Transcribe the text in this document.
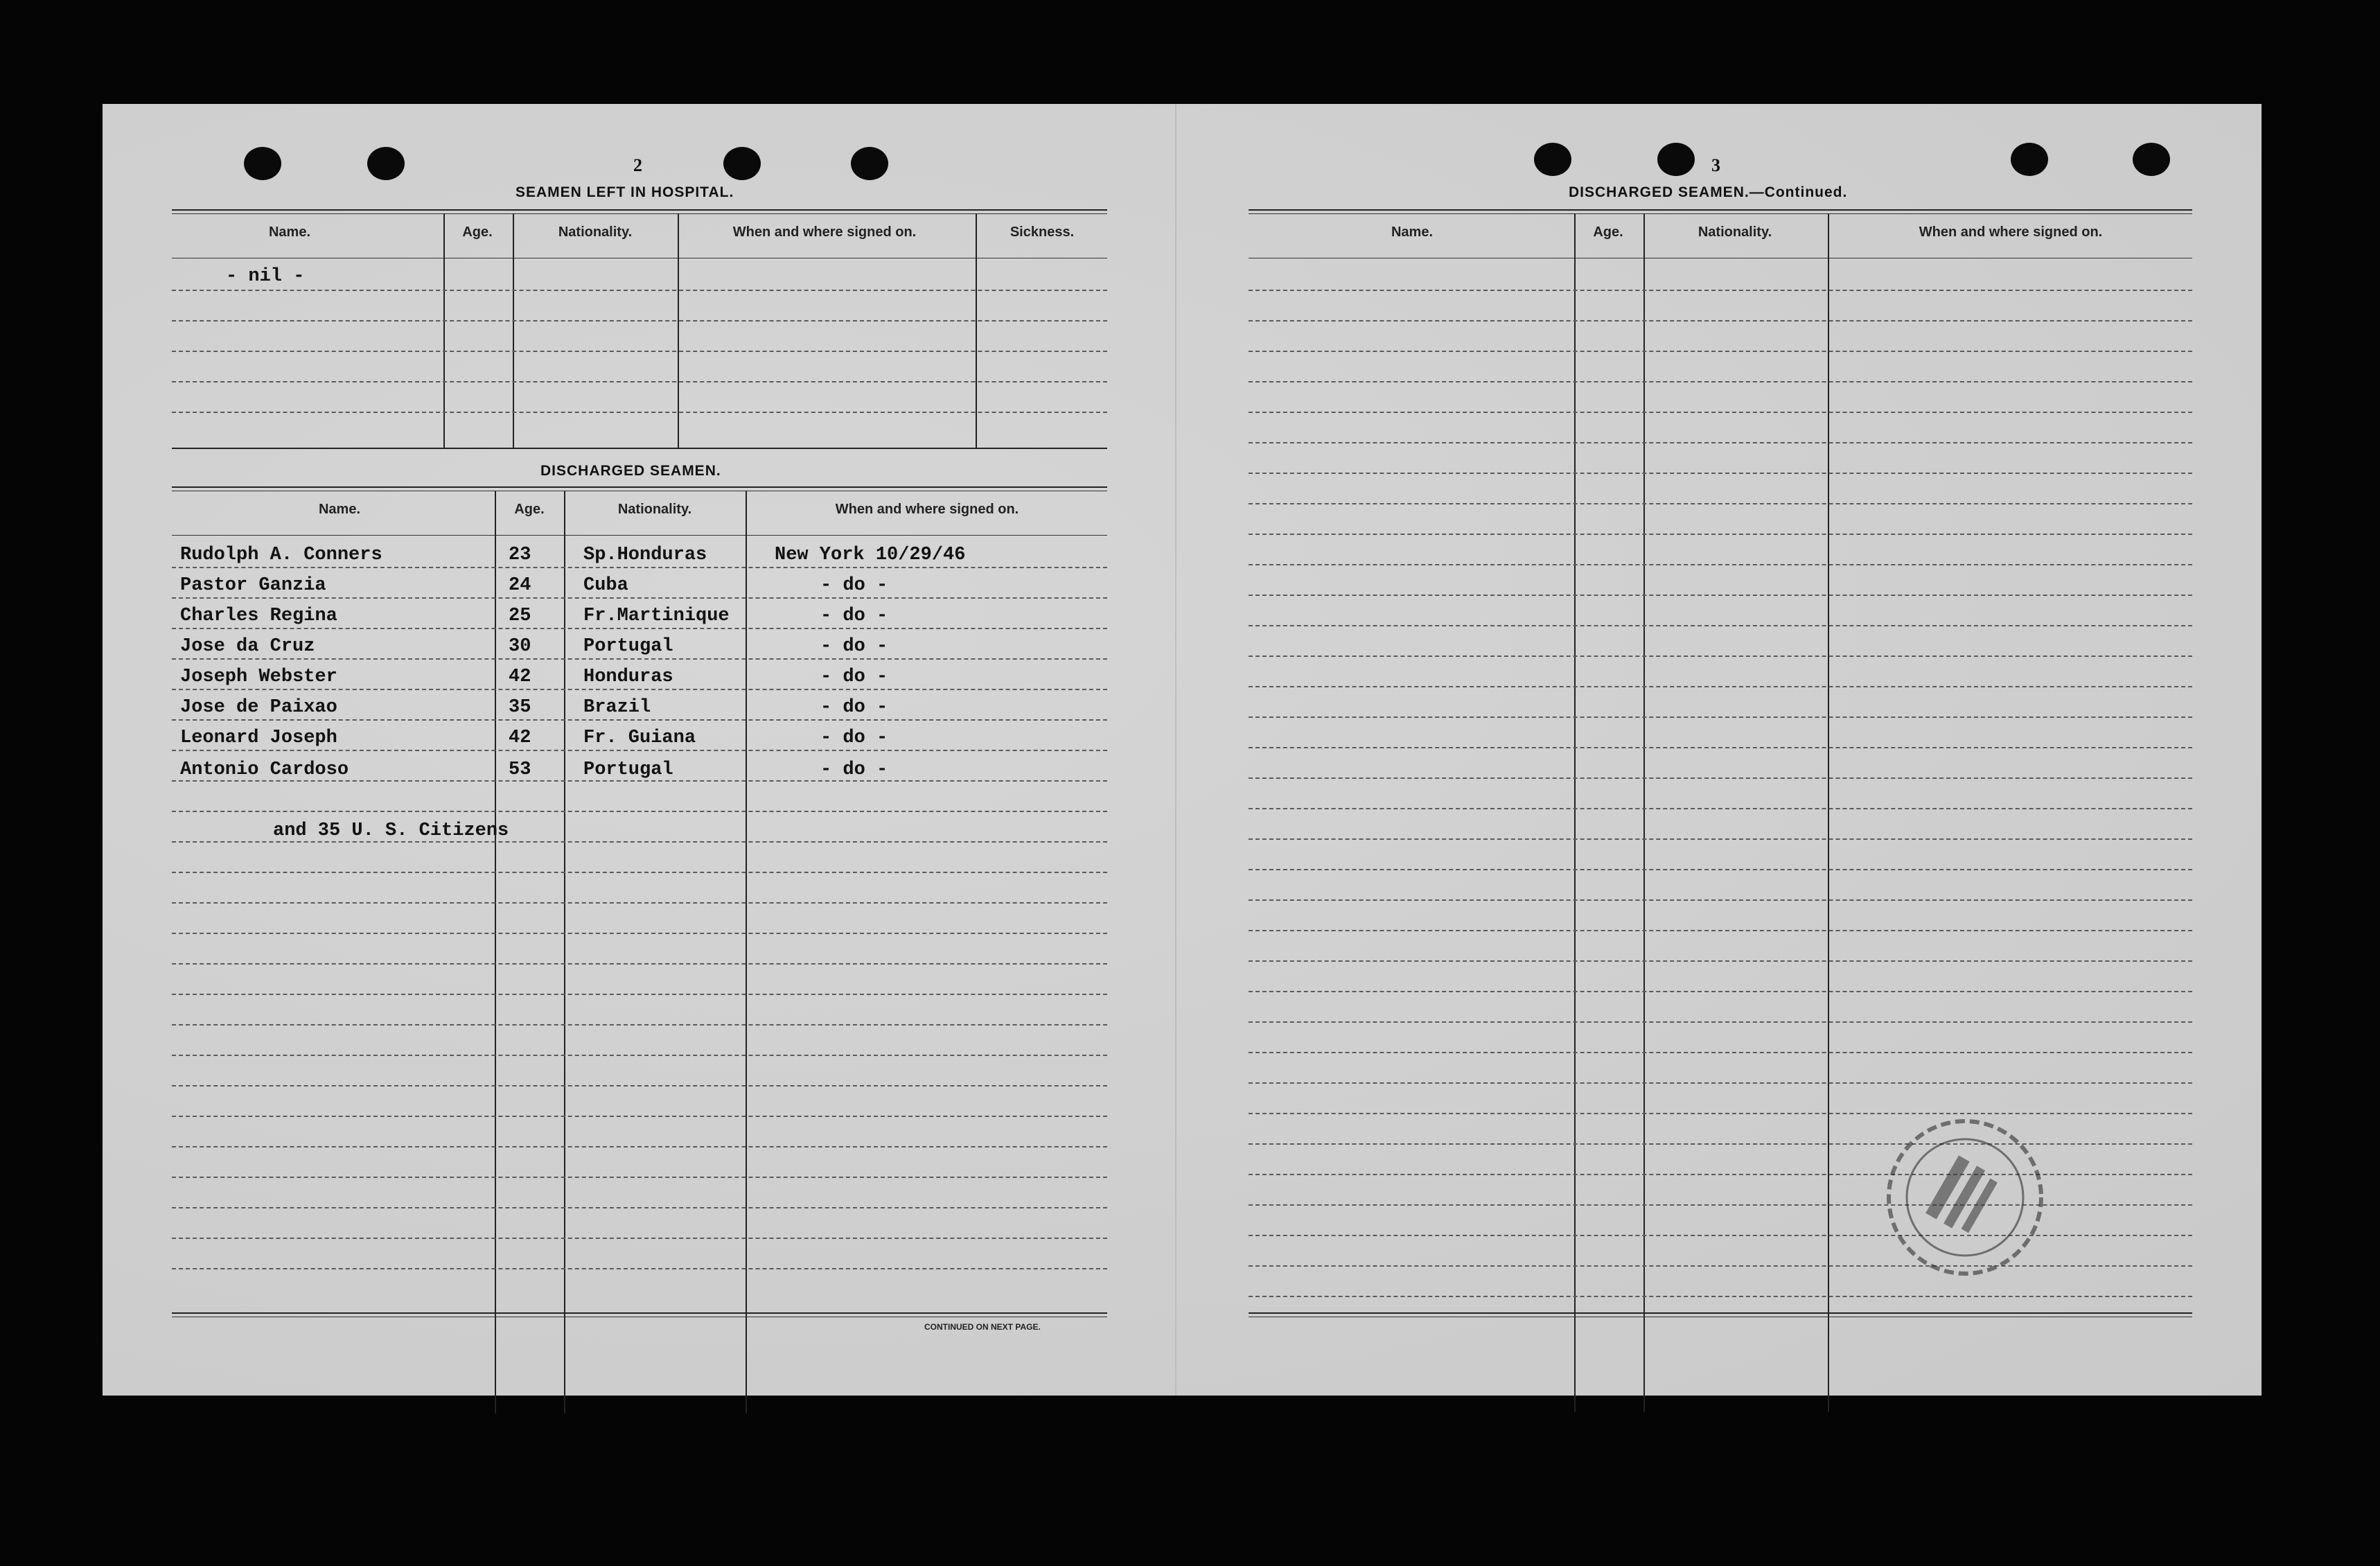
2
SEAMEN LEFT IN HOSPITAL.
Name.	Age.	Nationality.	When and where signed on.	Sickness.
- nil -
DISCHARGED SEAMEN.
Name.	Age.	Nationality.	When and where signed on.
Rudolph A. Conners	23	Sp.Honduras	New York 10/29/46
Pastor Ganzia	24	Cuba	- do -
Charles Regina	25	Fr.Martinique	- do -
Jose da Cruz	30	Portugal	- do -
Joseph Webster	42	Honduras	- do -
Jose de Paixao	35	Brazil	- do -
Leonard Joseph	42	Fr. Guiana	- do -
Antonio Cardoso	53	Portugal	- do -
and 35 U. S. Citizens
CONTINUED ON NEXT PAGE.
3
DISCHARGED SEAMEN.—Continued.
Name.	Age.	Nationality.	When and where signed on.
